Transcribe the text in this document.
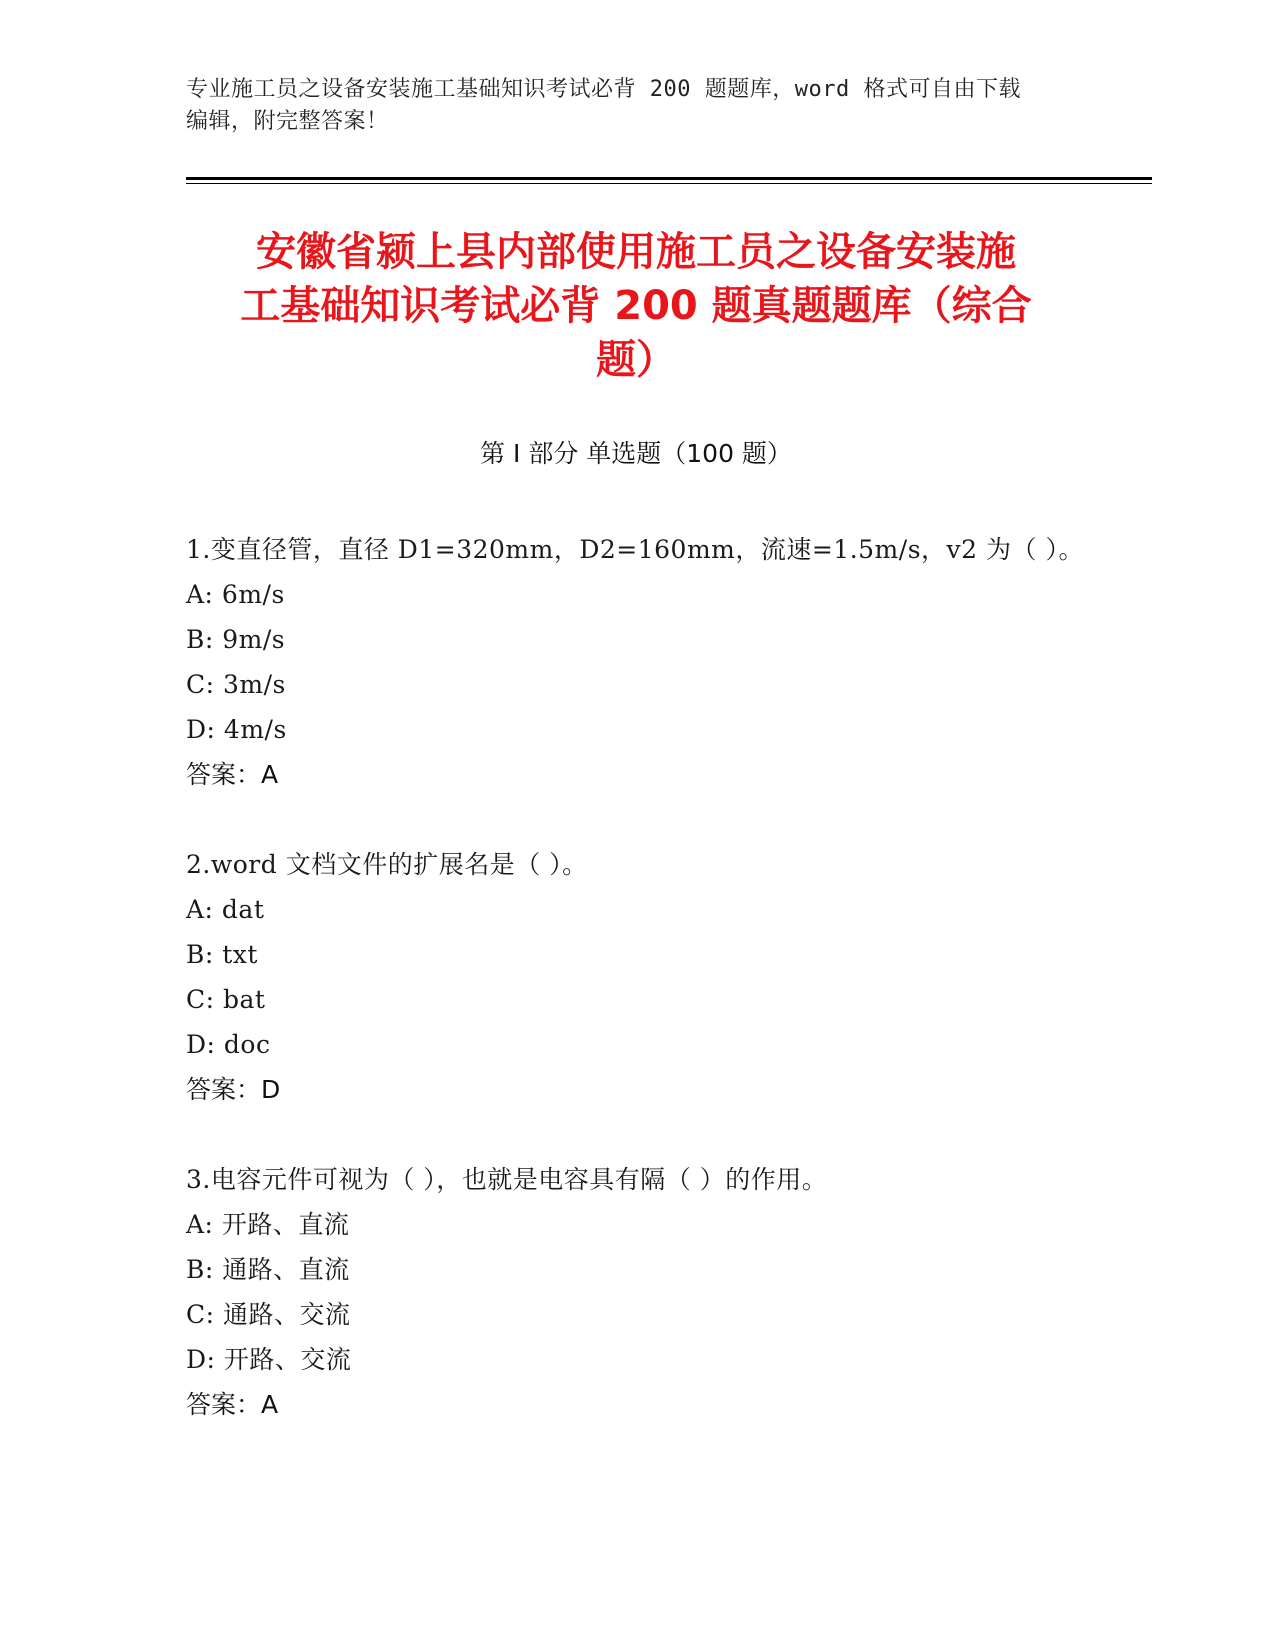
专业施工员之设备安装施工基础知识考试必背 200 题题库，word 格式可自由下载
编辑，附完整答案！
安徽省颍上县内部使用施工员之设备安装施
工基础知识考试必背 200 题真题题库（综合
题）
第 I 部分 单选题（100 题）
1.变直径管，直径 D1=320mm，D2=160mm，流速=1.5m/s，v2 为（ ）。
A: 6m/s
B: 9m/s
C: 3m/s
D: 4m/s
答案：A
2.word 文档文件的扩展名是（ ）。
A: dat
B: txt
C: bat
D: doc
答案：D
3.电容元件可视为（ ），也就是电容具有隔（ ）的作用。
A: 开路、直流
B: 通路、直流
C: 通路、交流
D: 开路、交流
答案：A
